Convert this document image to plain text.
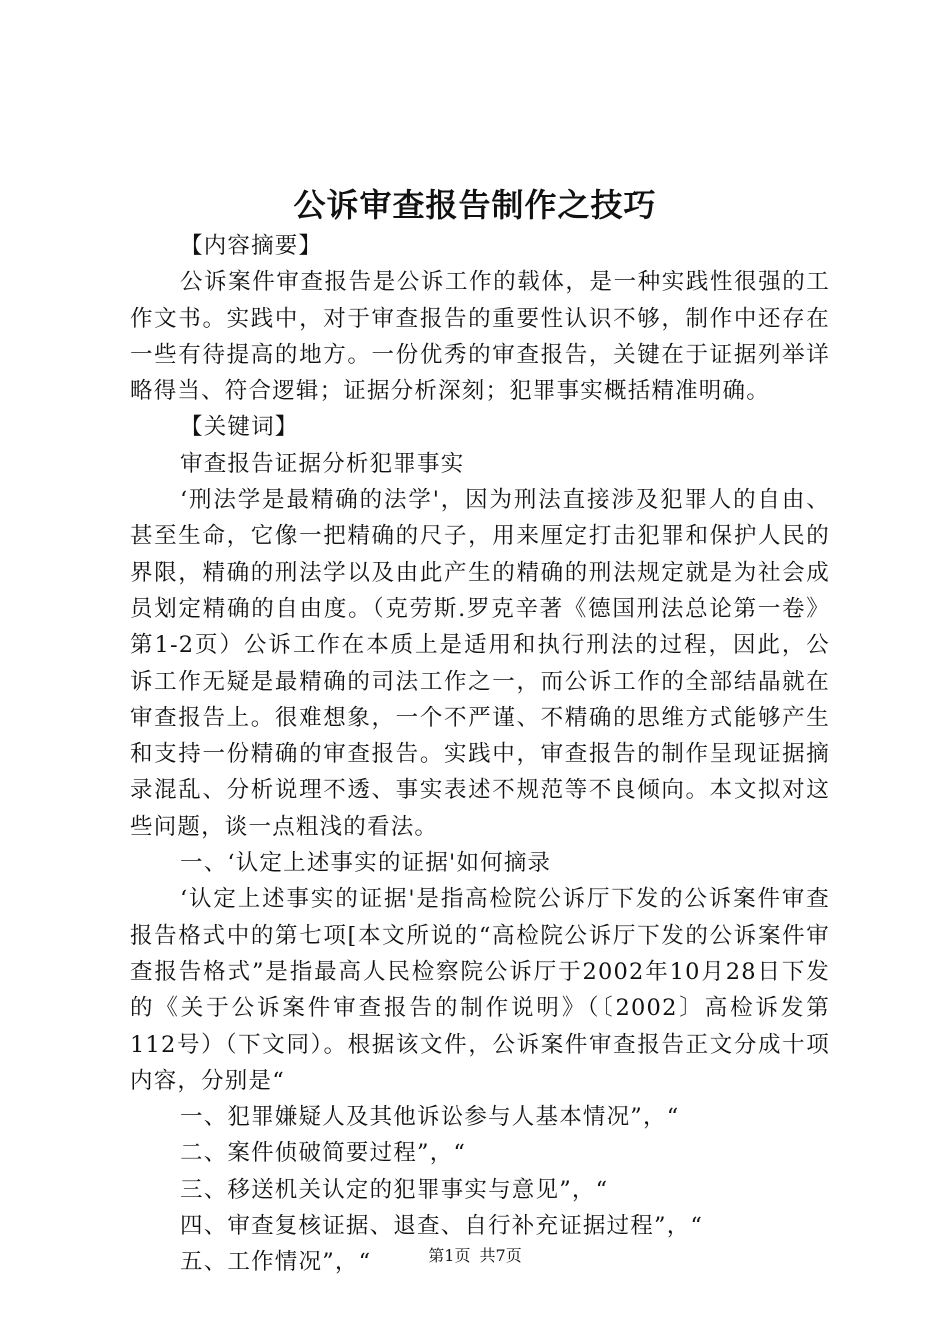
公诉审查报告制作之技巧

【内容摘要】

公诉案件审查报告是公诉工作的载体，是一种实践性很强的工作文书。实践中，对于审查报告的重要性认识不够，制作中还存在一些有待提高的地方。一份优秀的审查报告，关键在于证据列举详略得当、符合逻辑；证据分析深刻；犯罪事实概括精准明确。

【关键词】

审查报告证据分析犯罪事实

‘刑法学是最精确的法学'，因为刑法直接涉及犯罪人的自由、甚至生命，它像一把精确的尺子，用来厘定打击犯罪和保护人民的界限，精确的刑法学以及由此产生的精确的刑法规定就是为社会成员划定精确的自由度。（克劳斯.罗克辛著《德国刑法总论第一卷》第1-2页）公诉工作在本质上是适用和执行刑法的过程，因此，公诉工作无疑是最精确的司法工作之一，而公诉工作的全部结晶就在审查报告上。很难想象，一个不严谨、不精确的思维方式能够产生和支持一份精确的审查报告。实践中，审查报告的制作呈现证据摘录混乱、分析说理不透、事实表述不规范等不良倾向。本文拟对这些问题，谈一点粗浅的看法。

一、‘认定上述事实的证据'如何摘录

‘认定上述事实的证据'是指高检院公诉厅下发的公诉案件审查报告格式中的第七项[本文所说的“高检院公诉厅下发的公诉案件审查报告格式”是指最高人民检察院公诉厅于2002年10月28日下发的《关于公诉案件审查报告的制作说明》（〔2002〕高检诉发第112号）（下文同）。根据该文件，公诉案件审查报告正文分成十项内容，分别是“

一、犯罪嫌疑人及其他诉讼参与人基本情况”，“

二、案件侦破简要过程”，“

三、移送机关认定的犯罪事实与意见”，“

四、审查复核证据、退查、自行补充证据过程”，“

五、工作情况”，“	第1页 共7页
